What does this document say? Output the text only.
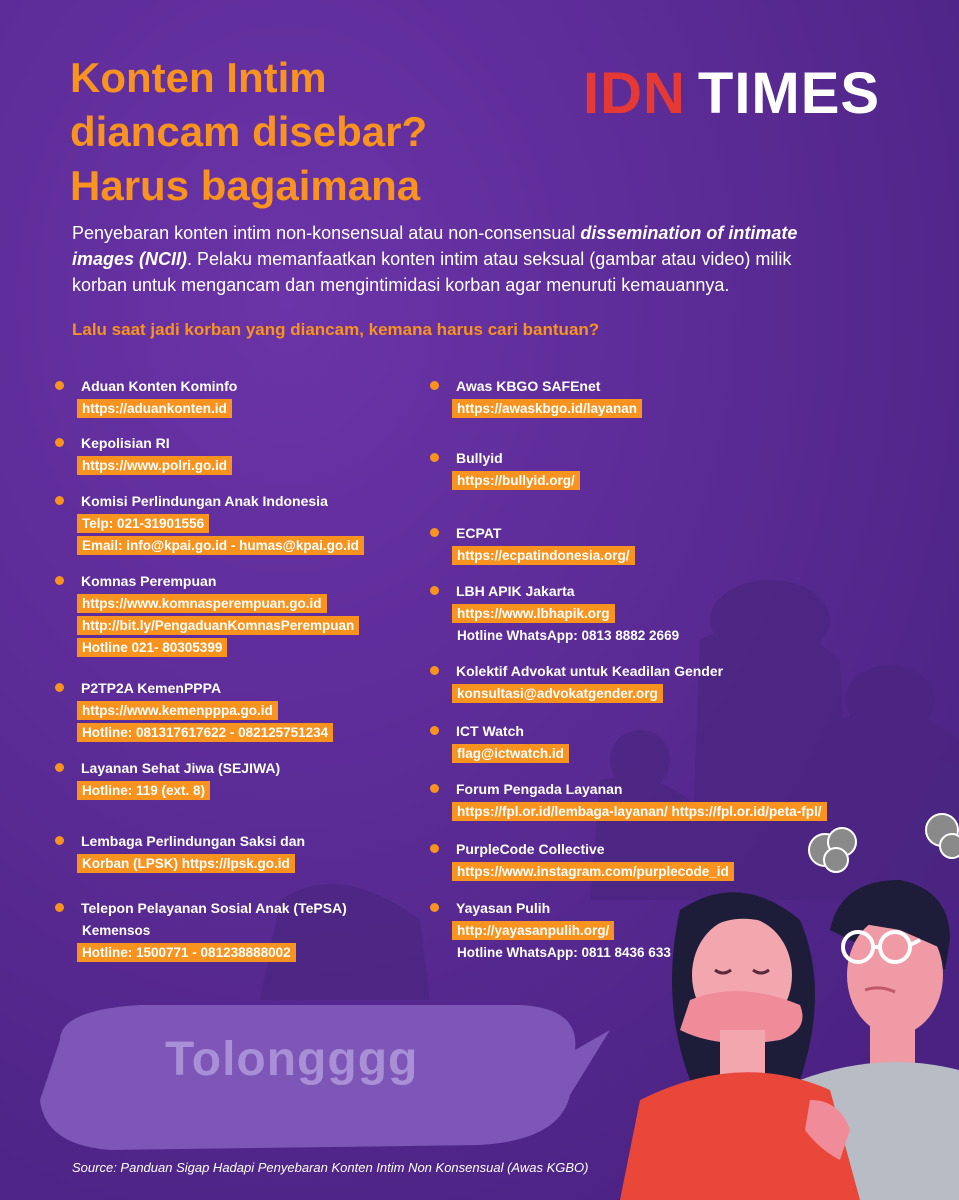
Konten Intim
diancam disebar?
Harus bagaimana
IDN TIMES

Penyebaran konten intim non-konsensual atau non-consensual dissemination of intimate images (NCII). Pelaku memanfaatkan konten intim atau seksual (gambar atau video) milik korban untuk mengancam dan mengintimidasi korban agar menuruti kemauannya.

Lalu saat jadi korban yang diancam, kemana harus cari bantuan?
Aduan Konten Kominfo
https://aduankonten.id
Kepolisian RI
https://www.polri.go.id
Komisi Perlindungan Anak Indonesia
Telp: 021-31901556
Email: info@kpai.go.id - humas@kpai.go.id
Komnas Perempuan
https://www.komnasperempuan.go.id
http://bit.ly/PengaduanKomnasPerempuan
Hotline 021- 80305399
P2TP2A KemenPPPA
https://www.kemenpppa.go.id
Hotline: 081317617622 - 082125751234
Layanan Sehat Jiwa (SEJIWA)
Hotline: 119 (ext. 8)
Lembaga Perlindungan Saksi dan
Korban (LPSK) https://lpsk.go.id
Telepon Pelayanan Sosial Anak (TePSA)
Kemensos
Hotline: 1500771 - 081238888002
Awas KBGO SAFEnet
https://awaskbgo.id/layanan
Bullyid
https://bullyid.org/
ECPAT
https://ecpatindonesia.org/
LBH APIK Jakarta
https://www.lbhapik.org
Hotline WhatsApp: 0813 8882 2669
Kolektif Advokat untuk Keadilan Gender
konsultasi@advokatgender.org
ICT Watch
flag@ictwatch.id
Forum Pengada Layanan
https://fpl.or.id/lembaga-layanan/ https://fpl.or.id/peta-fpl/
PurpleCode Collective
https://www.instagram.com/purplecode_id
Yayasan Pulih
http://yayasanpulih.org/
Hotline WhatsApp: 0811 8436 633
Tolongggg
Source: Panduan Sigap Hadapi Penyebaran Konten Intim Non Konsensual (Awas KGBO)
